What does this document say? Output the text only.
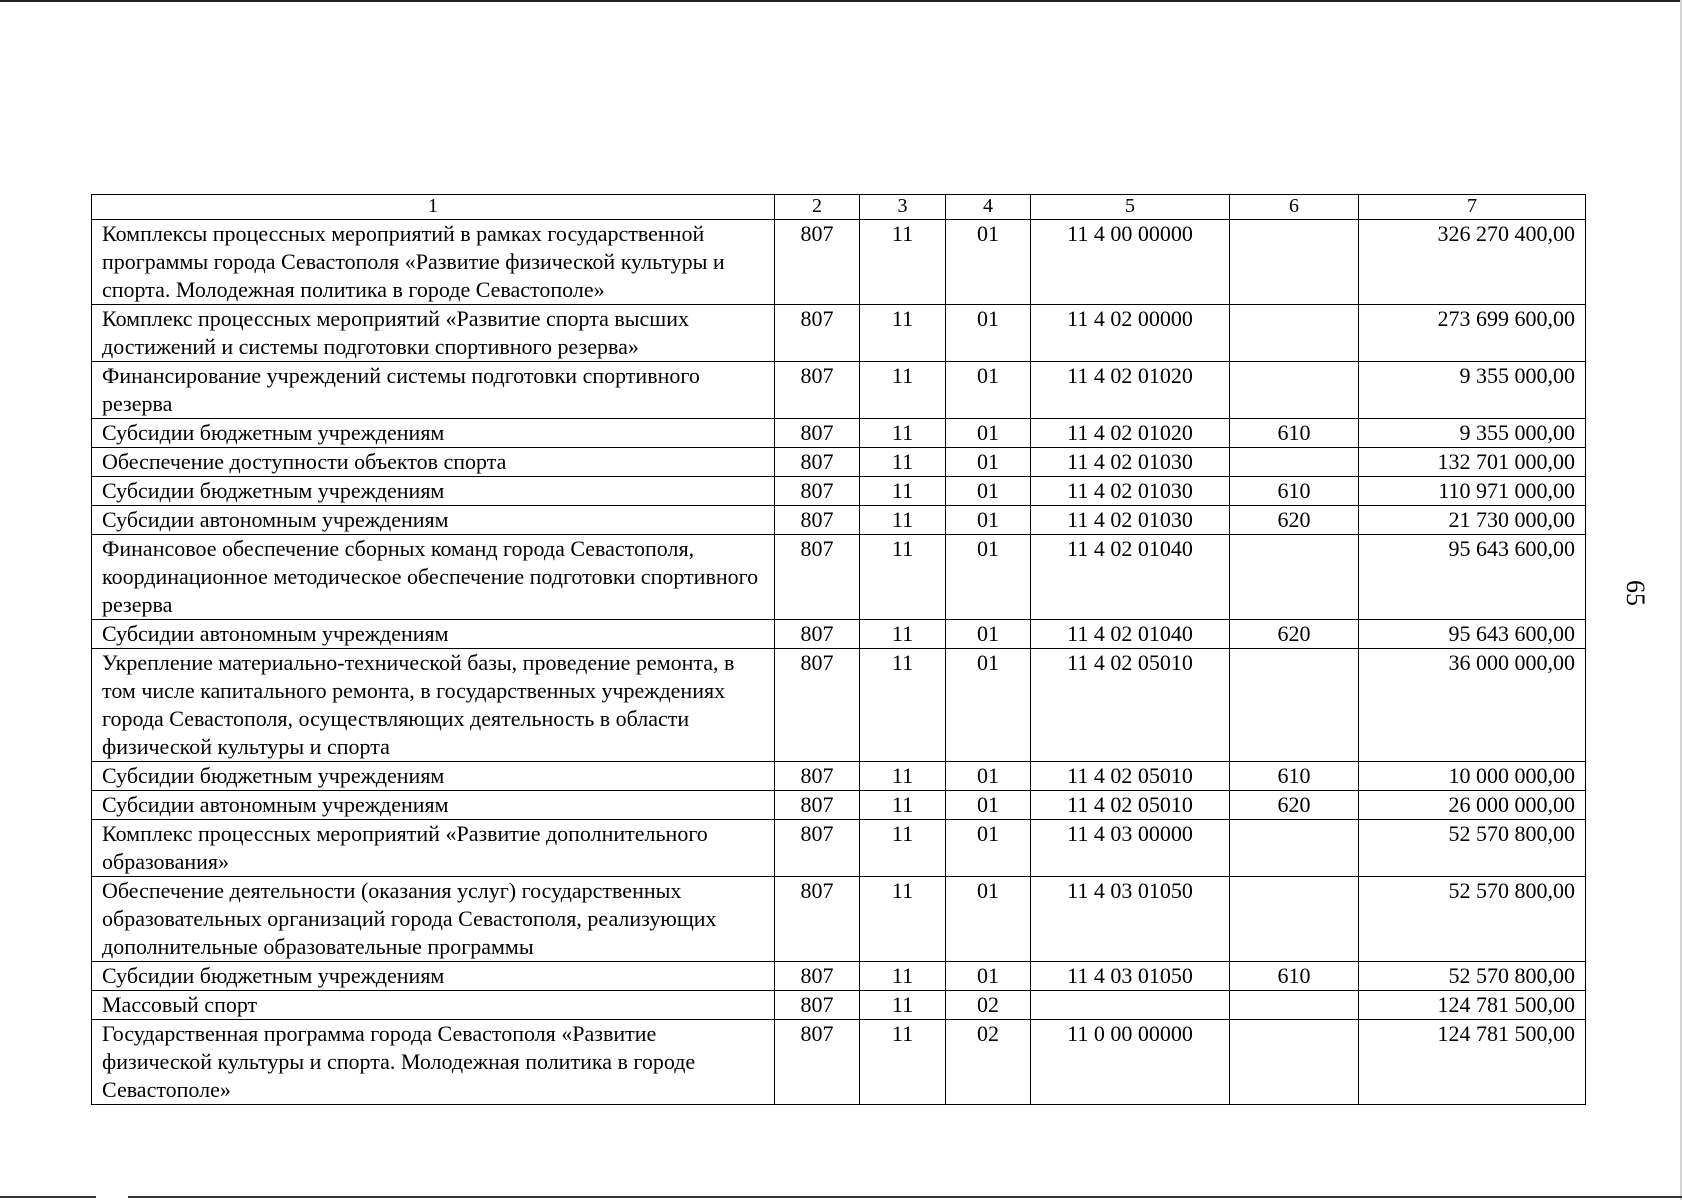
1	2	3	4	5	6	7
Комплексы процессных мероприятий в рамках государственной программы города Севастополя «Развитие физической культуры и спорта. Молодежная политика в городе Севастополе»	807	11	01	11 4 00 00000		326 270 400,00
Комплекс процессных мероприятий «Развитие спорта высших достижений и системы подготовки спортивного резерва»	807	11	01	11 4 02 00000		273 699 600,00
Финансирование учреждений системы подготовки спортивного резерва	807	11	01	11 4 02 01020		9 355 000,00
Субсидии бюджетным учреждениям	807	11	01	11 4 02 01020	610	9 355 000,00
Обеспечение доступности объектов спорта	807	11	01	11 4 02 01030		132 701 000,00
Субсидии бюджетным учреждениям	807	11	01	11 4 02 01030	610	110 971 000,00
Субсидии автономным учреждениям	807	11	01	11 4 02 01030	620	21 730 000,00
Финансовое обеспечение сборных команд города Севастополя, координационное методическое обеспечение подготовки спортивного резерва	807	11	01	11 4 02 01040		95 643 600,00
Субсидии автономным учреждениям	807	11	01	11 4 02 01040	620	95 643 600,00
Укрепление материально-технической базы, проведение ремонта, в том числе капитального ремонта, в государственных учреждениях города Севастополя, осуществляющих деятельность в области физической культуры и спорта	807	11	01	11 4 02 05010		36 000 000,00
Субсидии бюджетным учреждениям	807	11	01	11 4 02 05010	610	10 000 000,00
Субсидии автономным учреждениям	807	11	01	11 4 02 05010	620	26 000 000,00
Комплекс процессных мероприятий «Развитие дополнительного образования»	807	11	01	11 4 03 00000		52 570 800,00
Обеспечение деятельности (оказания услуг) государственных образовательных организаций города Севастополя, реализующих дополнительные образовательные программы	807	11	01	11 4 03 01050		52 570 800,00
Субсидии бюджетным учреждениям	807	11	01	11 4 03 01050	610	52 570 800,00
Массовый спорт	807	11	02			124 781 500,00
Государственная программа города Севастополя «Развитие физической культуры и спорта. Молодежная политика в городе Севастополе»	807	11	02	11 0 00 00000		124 781 500,00
65
